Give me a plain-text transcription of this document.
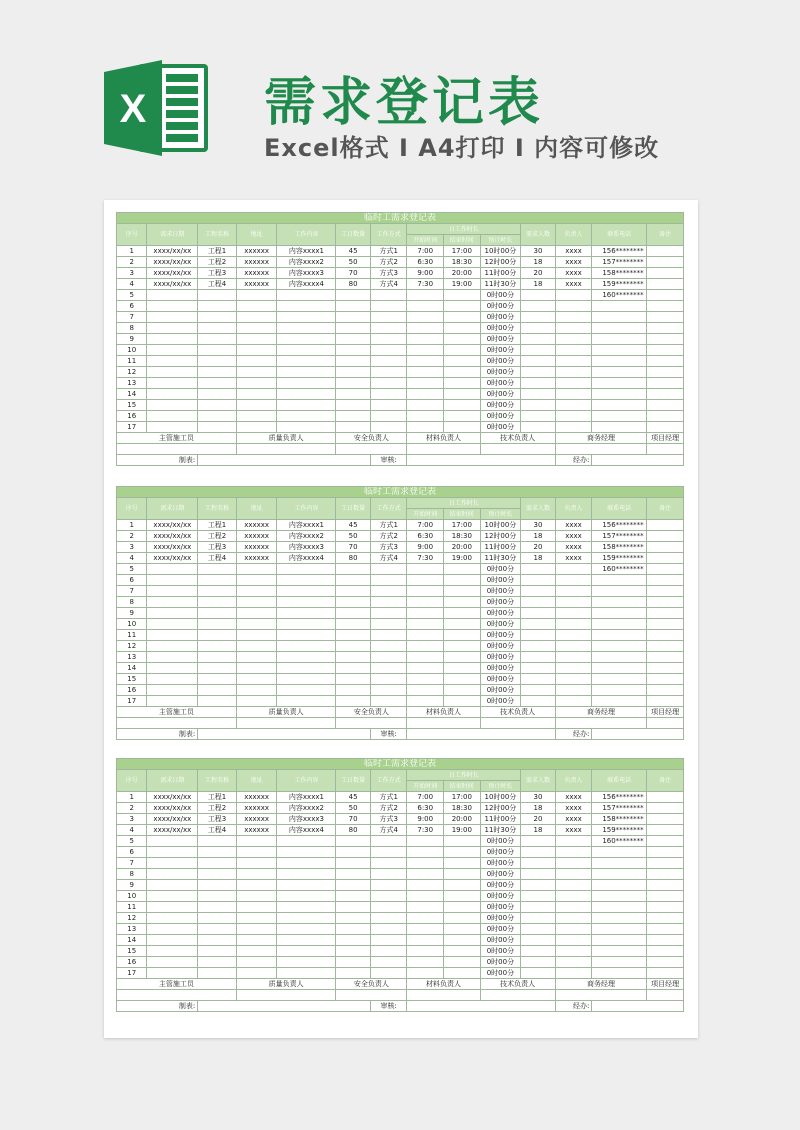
X 需求登记表
Excel格式 I A4打印 I 内容可修改
临时工需求登记表													
序号	需求日期	工程名称	地址	工作内容	工日数量	工作方式	日工作时长			需求人数	负责人	联系电话	备注
							开始时间	结束时间	预计时长				
1	xxxx/xx/xx	工程1	xxxxxx	内容xxxx1	45	方式1	7:00	17:00	10时00分	30	xxxx	156********	
2	xxxx/xx/xx	工程2	xxxxxx	内容xxxx2	50	方式2	6:30	18:30	12时00分	18	xxxx	157********	
3	xxxx/xx/xx	工程3	xxxxxx	内容xxxx3	70	方式3	9:00	20:00	11时00分	20	xxxx	158********	
4	xxxx/xx/xx	工程4	xxxxxx	内容xxxx4	80	方式4	7:30	19:00	11时30分	18	xxxx	159********	
5									0时00分			160********	
6									0时00分				
7									0时00分				
8									0时00分				
9									0时00分				
10									0时00分				
11									0时00分				
12									0时00分				
13									0时00分				
14									0时00分				
15									0时00分				
16									0时00分				
17									0时00分				
主管施工员			质量负责人		安全负责人		材料负责人		技术负责人		商务经理		项目经理

制表:						审核:					经办:		
临时工需求登记表													
序号	需求日期	工程名称	地址	工作内容	工日数量	工作方式	日工作时长			需求人数	负责人	联系电话	备注
							开始时间	结束时间	预计时长				
1	xxxx/xx/xx	工程1	xxxxxx	内容xxxx1	45	方式1	7:00	17:00	10时00分	30	xxxx	156********	
2	xxxx/xx/xx	工程2	xxxxxx	内容xxxx2	50	方式2	6:30	18:30	12时00分	18	xxxx	157********	
3	xxxx/xx/xx	工程3	xxxxxx	内容xxxx3	70	方式3	9:00	20:00	11时00分	20	xxxx	158********	
4	xxxx/xx/xx	工程4	xxxxxx	内容xxxx4	80	方式4	7:30	19:00	11时30分	18	xxxx	159********	
5									0时00分			160********	
6									0时00分				
7									0时00分				
8									0时00分				
9									0时00分				
10									0时00分				
11									0时00分				
12									0时00分				
13									0时00分				
14									0时00分				
15									0时00分				
16									0时00分				
17									0时00分				
主管施工员			质量负责人		安全负责人		材料负责人		技术负责人		商务经理		项目经理

制表:						审核:					经办:		
临时工需求登记表													
序号	需求日期	工程名称	地址	工作内容	工日数量	工作方式	日工作时长			需求人数	负责人	联系电话	备注
							开始时间	结束时间	预计时长				
1	xxxx/xx/xx	工程1	xxxxxx	内容xxxx1	45	方式1	7:00	17:00	10时00分	30	xxxx	156********	
2	xxxx/xx/xx	工程2	xxxxxx	内容xxxx2	50	方式2	6:30	18:30	12时00分	18	xxxx	157********	
3	xxxx/xx/xx	工程3	xxxxxx	内容xxxx3	70	方式3	9:00	20:00	11时00分	20	xxxx	158********	
4	xxxx/xx/xx	工程4	xxxxxx	内容xxxx4	80	方式4	7:30	19:00	11时30分	18	xxxx	159********	
5									0时00分			160********	
6									0时00分				
7									0时00分				
8									0时00分				
9									0时00分				
10									0时00分				
11									0时00分				
12									0时00分				
13									0时00分				
14									0时00分				
15									0时00分				
16									0时00分				
17									0时00分				
主管施工员			质量负责人		安全负责人		材料负责人		技术负责人		商务经理		项目经理

制表:						审核:					经办:		
